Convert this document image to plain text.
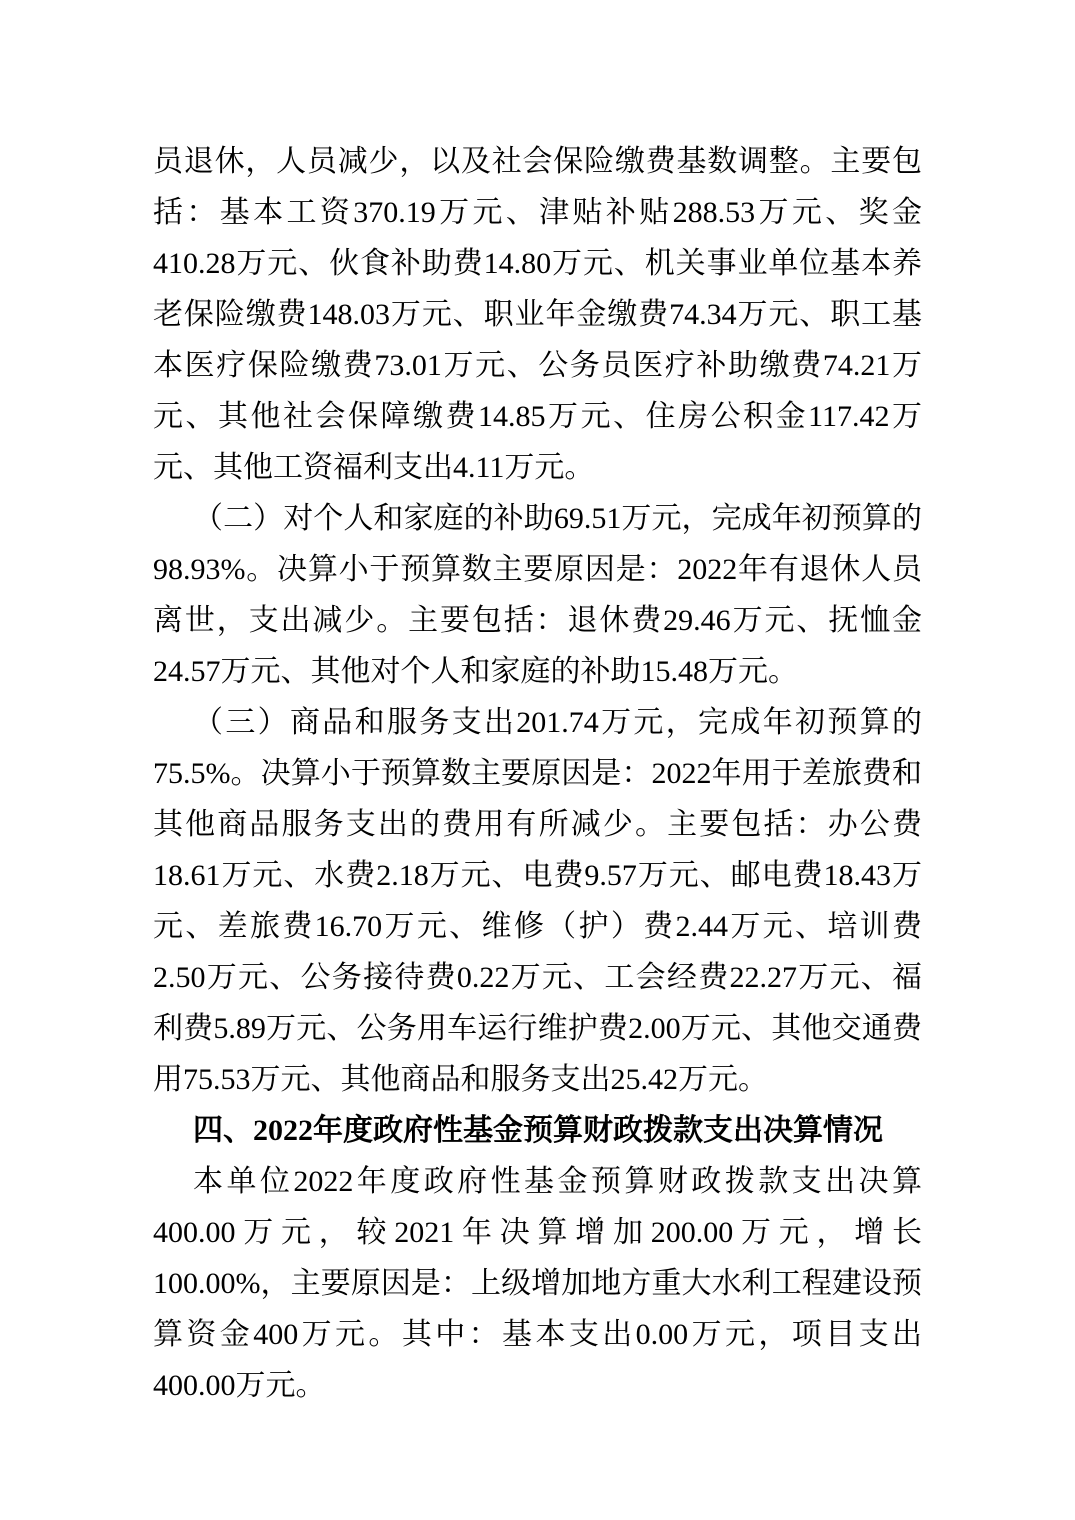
员退休，人员减少，以及社会保险缴费基数调整。主要包括：基本工资370.19万元、津贴补贴288.53万元、奖金410.28万元、伙食补助费14.80万元、机关事业单位基本养老保险缴费148.03万元、职业年金缴费74.34万元、职工基本医疗保险缴费73.01万元、公务员医疗补助缴费74.21万元、其他社会保障缴费14.85万元、住房公积金117.42万元、其他工资福利支出4.11万元。

（二）对个人和家庭的补助69.51万元，完成年初预算的98.93%。决算小于预算数主要原因是：2022年有退休人员离世，支出减少。主要包括：退休费29.46万元、抚恤金24.57万元、其他对个人和家庭的补助15.48万元。

（三）商品和服务支出201.74万元，完成年初预算的75.5%。决算小于预算数主要原因是：2022年用于差旅费和其他商品服务支出的费用有所减少。主要包括：办公费18.61万元、水费2.18万元、电费9.57万元、邮电费18.43万元、差旅费16.70万元、维修（护）费2.44万元、培训费2.50万元、公务接待费0.22万元、工会经费22.27万元、福利费5.89万元、公务用车运行维护费2.00万元、其他交通费用75.53万元、其他商品和服务支出25.42万元。

四、2022年度政府性基金预算财政拨款支出决算情况

本单位2022年度政府性基金预算财政拨款支出决算400.00万元，较2021年决算增加200.00万元，增长100.00%，主要原因是：上级增加地方重大水利工程建设预算资金400万元。其中：基本支出0.00万元，项目支出400.00万元。
